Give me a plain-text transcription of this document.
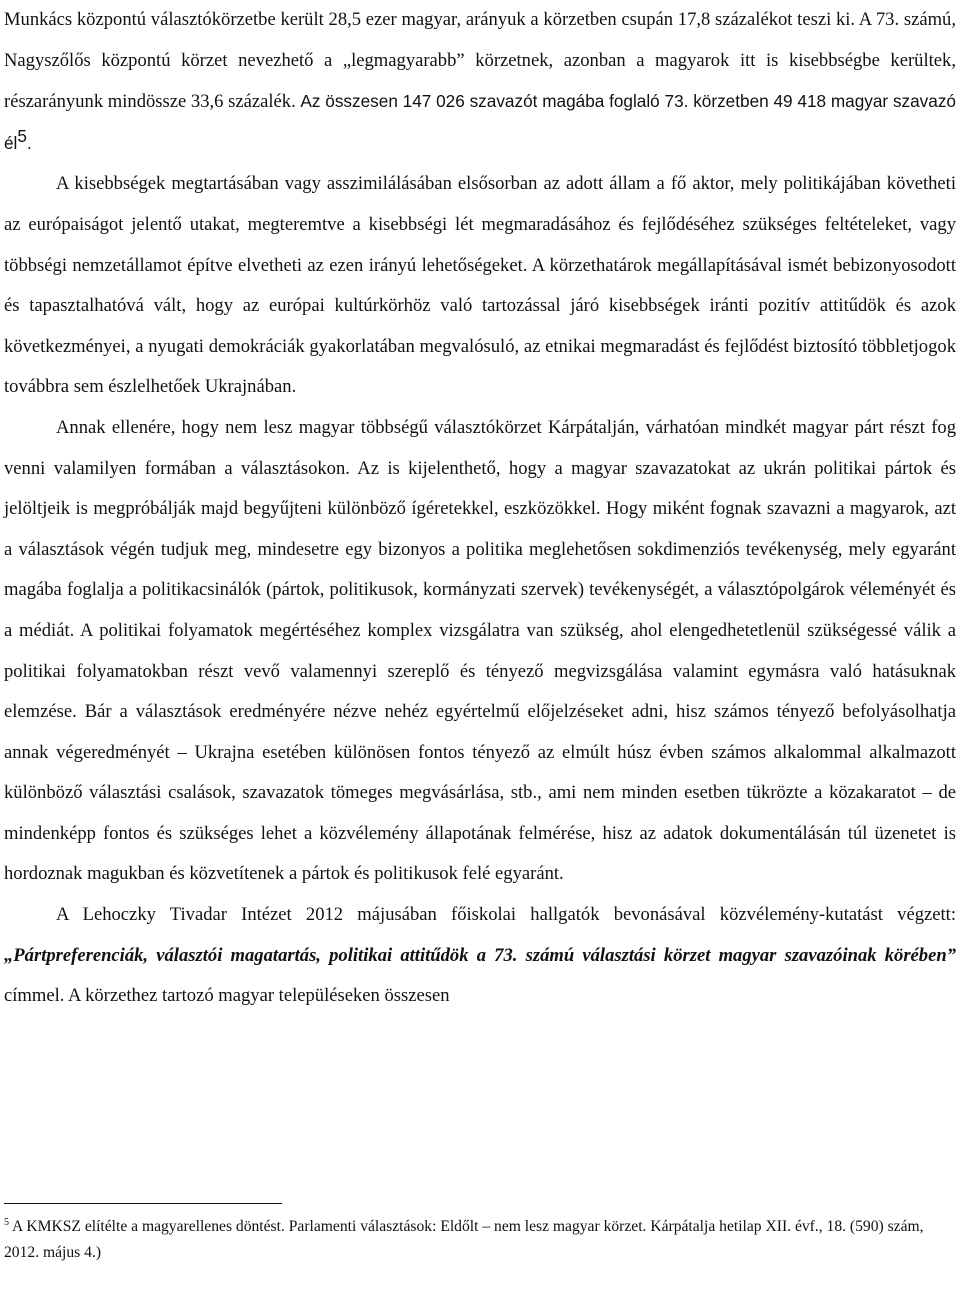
Munkács központú választókörzetbe került 28,5 ezer magyar, arányuk a körzetben csupán 17,8 százalékot teszi ki. A 73. számú, Nagyszőlős központú körzet nevezhető a „legmagyarabb” körzetnek, azonban a magyarok itt is kisebbségbe kerültek, részarányunk mindössze 33,6 százalék. Az összesen 147 026 szavazót magába foglaló 73. körzetben 49 418 magyar szavazó $él^5$.

A kisebbségek megtartásában vagy asszimilálásában elsősorban az adott állam a fő aktor, mely politikájában követheti az európaiságot jelentő utakat, megteremtve a kisebbségi lét megmaradásához és fejlődéséhez szükséges feltételeket, vagy többségi nemzetállamot építve elvetheti az ezen irányú lehetőségeket. A körzethatárok megállapításával ismét bebizonyosodott és tapasztalhatóvá vált, hogy az európai kultúrkörhöz való tartozással járó kisebbségek iránti pozitív attitűdök és azok következményei, a nyugati demokráciák gyakorlatában megvalósuló, az etnikai megmaradást és fejlődést biztosító többletjogok továbbra sem észlelhetőek Ukrajnában.

Annak ellenére, hogy nem lesz magyar többségű választókörzet Kárpátalján, várhatóan mindkét magyar párt részt fog venni valamilyen formában a választásokon. Az is kijelenthető, hogy a magyar szavazatokat az ukrán politikai pártok és jelöltjeik is megpróbálják majd begyűjteni különböző ígéretekkel, eszközökkel. Hogy miként fognak szavazni a magyarok, azt a választások végén tudjuk meg, mindesetre egy bizonyos a politika meglehetősen sokdimenziós tevékenység, mely egyaránt magába foglalja a politikacsinálók (pártok, politikusok, kormányzati szervek) tevékenységét, a választópolgárok véleményét és a médiát. A politikai folyamatok megértéséhez komplex vizsgálatra van szükség, ahol elengedhetetlenül szükségessé válik a politikai folyamatokban részt vevő valamennyi szereplő és tényező megvizsgálása valamint egymásra való hatásuknak elemzése. Bár a választások eredményére nézve nehéz egyértelmű előjelzéseket adni, hisz számos tényező befolyásolhatja annak végeredményét – Ukrajna esetében különösen fontos tényező az elmúlt húsz évben számos alkalommal alkalmazott különböző választási csalások, szavazatok tömeges megvásárlása, stb., ami nem minden esetben tükrözte a közakaratot – de mindenképp fontos és szükséges lehet a közvélemény állapotának felmérése, hisz az adatok dokumentálásán túl üzenetet is hordoznak magukban és közvetítenek a pártok és politikusok felé egyaránt.

A Lehoczky Tivadar Intézet 2012 májusában főiskolai hallgatók bevonásával közvélemény-kutatást végzett: „Pártpreferenciák, választói magatartás, politikai attitűdök a 73. számú választási körzet magyar szavazóinak körében” címmel. A körzethez tartozó magyar településeken összesen

$^5$ A KMKSZ elítélte a magyarellenes döntést. Parlamenti választások: Eldőlt – nem lesz magyar körzet. Kárpátalja hetilap XII. évf., 18. (590) szám, 2012. május 4.)
